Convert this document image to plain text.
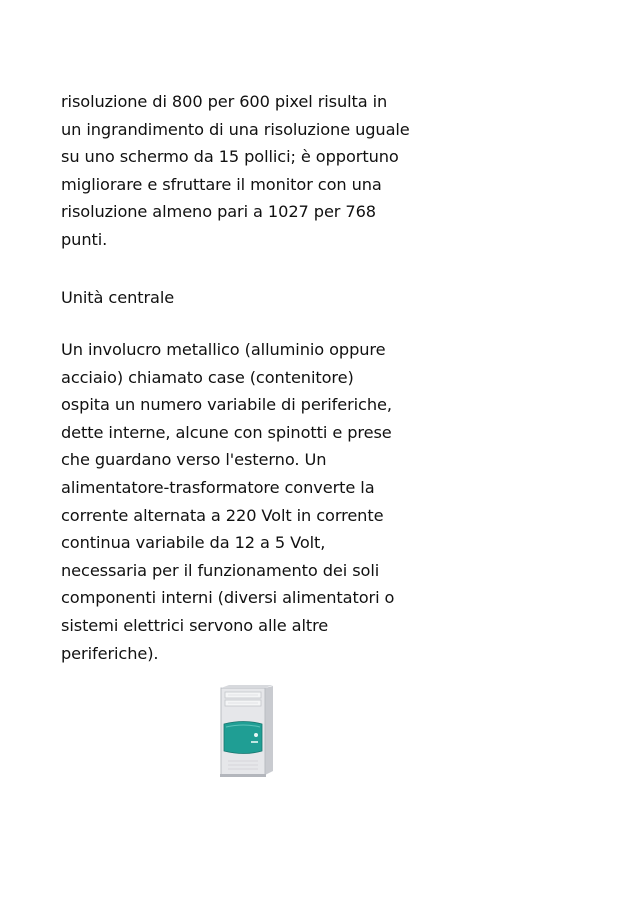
risoluzione di 800 per 600 pixel risulta in
un ingrandimento di una risoluzione uguale
su uno schermo da 15 pollici; è opportuno
migliorare e sfruttare il monitor con una
risoluzione almeno pari a 1027 per 768
punti.
Unità centrale
Un involucro metallico (alluminio oppure
acciaio) chiamato case (contenitore)
ospita un numero variabile di periferiche,
dette interne, alcune con spinotti e prese
che guardano verso l'esterno. Un
alimentatore-trasformatore converte la
corrente alternata a 220 Volt in corrente
continua variabile da 12 a 5 Volt,
necessaria per il funzionamento dei soli
componenti interni (diversi alimentatori o
sistemi elettrici servono alle altre
periferiche).
